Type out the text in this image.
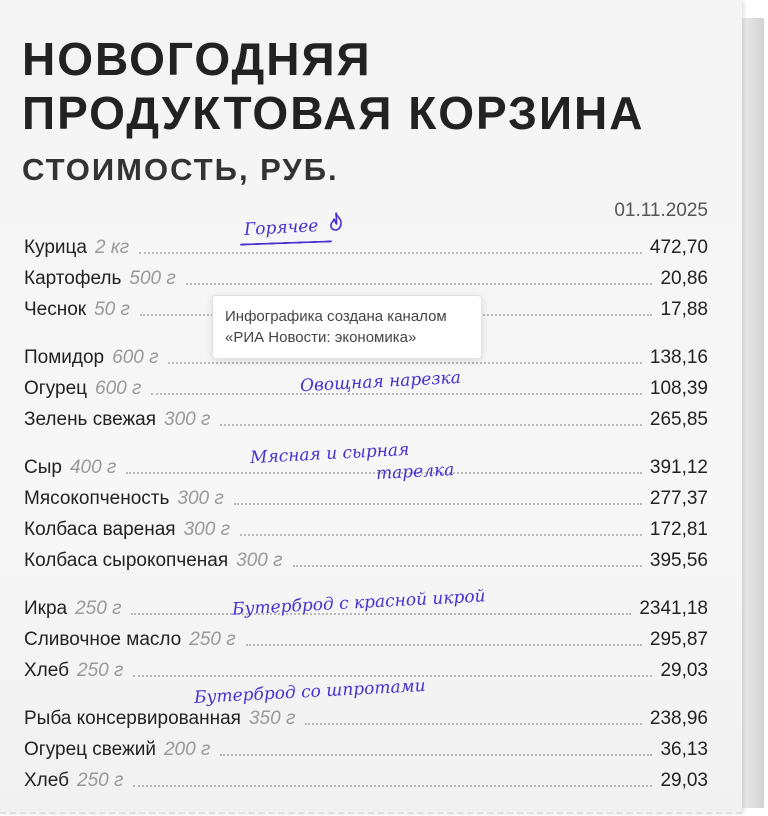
НОВОГОДНЯЯ
ПРОДУКТОВАЯ КОРЗИНА
СТОИМОСТЬ, РУБ.
01.11.2025
Курица 2 кг	472,70
Картофель 500 г	20,86
Чеснок 50 г	17,88
Помидор 600 г	138,16
Огурец 600 г	108,39
Зелень свежая 300 г	265,85
Сыр 400 г	391,12
Мясокопченость 300 г	277,37
Колбаса вареная 300 г	172,81
Колбаса сырокопченая 300 г	395,56
Икра 250 г	2341,18
Сливочное масло 250 г	295,87
Хлеб 250 г	29,03
Рыба консервированная 350 г	238,96
Огурец свежий 200 г	36,13
Хлеб 250 г	29,03
Горячее
Овощная нарезка
Мясная и сырная
тарелка
Бутерброд с красной икрой
Бутерброд со шпротами
Инфографика создана каналом
«РИА Новости: экономика»
